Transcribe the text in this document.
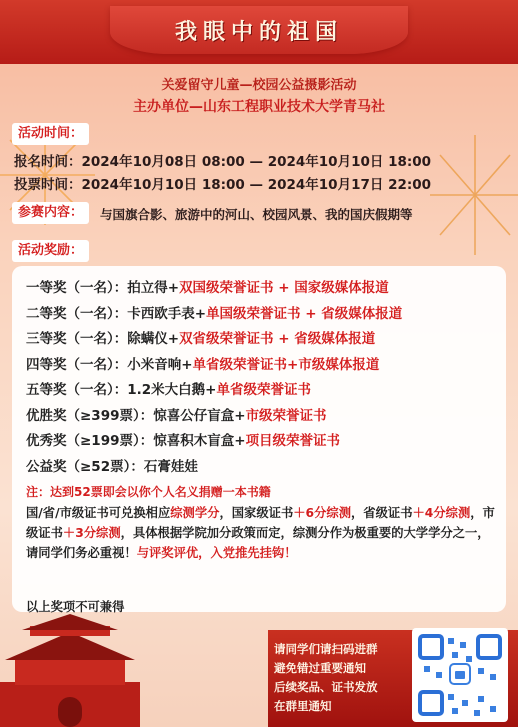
我眼中的祖国
关爱留守儿童—校园公益摄影活动
主办单位—山东工程职业技术大学青马社
活动时间：
报名时间：2024年10月08日 08:00 — 2024年10月10日 18:00
投票时间：2024年10月10日 18:00 — 2024年10月17日 22:00
参赛内容：	与国旗合影、旅游中的河山、校园风景、我的国庆假期等
活动奖励：
一等奖（一名）：拍立得+双国级荣誉证书 + 国家级媒体报道
二等奖（一名）：卡西欧手表+单国级荣誉证书 + 省级媒体报道
三等奖（一名）：除螨仪+双省级荣誉证书 + 省级媒体报道
四等奖（一名）：小米音响+单省级荣誉证书+市级媒体报道
五等奖（一名）：1.2米大白鹅+单省级荣誉证书
优胜奖（≥399票）：惊喜公仔盲盒+市级荣誉证书
优秀奖（≥199票）：惊喜积木盲盒+项目级荣誉证书
公益奖（≥52票）：石膏娃娃
注：达到52票即会以你个人名义捐赠一本书籍
国/省/市级证书可兑换相应综测学分，国家级证书＋6分综测，省级证书＋4分综测，市级证书＋3分综测，具体根据学院加分政策而定，综测分作为极重要的大学学分之一，请同学们务必重视！与评奖评优，入党推先挂钩！
以上奖项不可兼得
请同学们请扫码进群
避免错过重要通知
后续奖品、证书发放
在群里通知
